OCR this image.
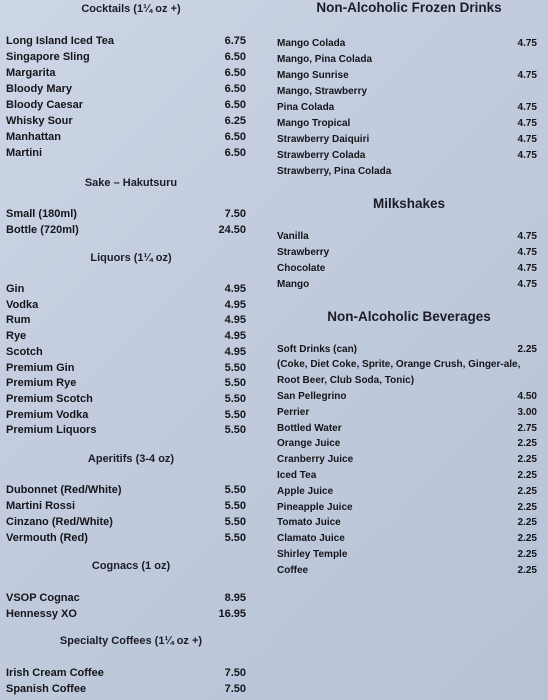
Cocktails (1¼ oz +)
Long Island Iced Tea	6.75
Singapore Sling	6.50
Margarita	6.50
Bloody Mary	6.50
Bloody Caesar	6.50
Whisky Sour	6.25
Manhattan	6.50
Martini	6.50
Sake – Hakutsuru
Small (180ml)	7.50
Bottle (720ml)	24.50
Liquors (1¼ oz)
Gin	4.95
Vodka	4.95
Rum	4.95
Rye	4.95
Scotch	4.95
Premium Gin	5.50
Premium Rye	5.50
Premium Scotch	5.50
Premium Vodka	5.50
Premium Liquors	5.50
Aperitifs (3-4 oz)
Dubonnet (Red/White)	5.50
Martini Rossi	5.50
Cinzano (Red/White)	5.50
Vermouth (Red)	5.50
Cognacs (1 oz)
VSOP Cognac	8.95
Hennessy XO	16.95
Specialty Coffees (1¼ oz +)
Irish Cream Coffee	7.50
Spanish Coffee	7.50
Non-Alcoholic Frozen Drinks
Mango Colada	4.75
Mango, Pina Colada
Mango Sunrise	4.75
Mango, Strawberry
Pina Colada	4.75
Mango Tropical	4.75
Strawberry Daiquiri	4.75
Strawberry Colada	4.75
Strawberry, Pina Colada
Milkshakes
Vanilla	4.75
Strawberry	4.75
Chocolate	4.75
Mango	4.75
Non-Alcoholic Beverages
Soft Drinks (can)	2.25
(Coke, Diet Coke, Sprite, Orange Crush, Ginger-ale,
Root Beer, Club Soda, Tonic)
San Pellegrino	4.50
Perrier	3.00
Bottled Water	2.75
Orange Juice	2.25
Cranberry Juice	2.25
Iced Tea	2.25
Apple Juice	2.25
Pineapple Juice	2.25
Tomato Juice	2.25
Clamato Juice	2.25
Shirley Temple	2.25
Coffee	2.25
